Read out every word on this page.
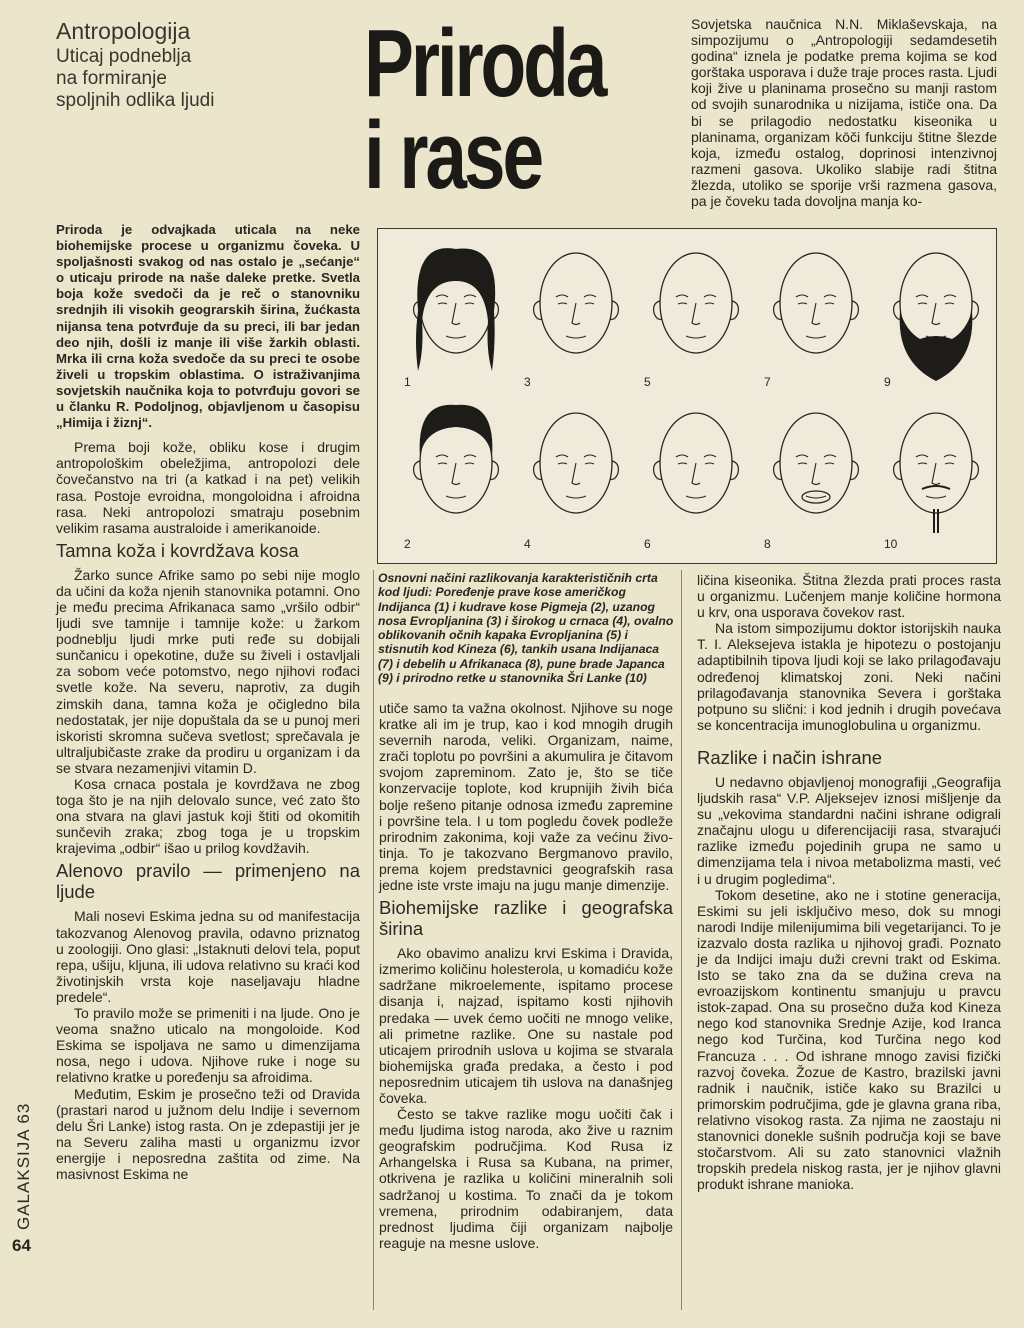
Antropologija
Uticaj podneblja
na formiranje
spoljnih odlika ljudi	Priroda
i rase

Sovjetska naučnica N.N. Miklaševskaja, na simpozijumu o „Antropologiji sedamdesetih godina“ iznela je podatke prema kojima se kod gorštaka usporava i duže traje proces rasta. Ljudi koji žive u planinama prosečno su manji rastom od svojih sunarodnika u nizijama, ističe ona. Da bi se prilagodio nedostatku kiseonika u planinama, organizam kōči funkciju štitne šlezde koja, između ostalog, doprinosi intenzivnoj razmeni gasova. Ukoliko slabije radi štitna žlezda, utoliko se sporije vrši razmena gasova, pa je čoveku tada dovoljna manja ko-

Priroda je odvajkada uticala na neke biohemijske procese u organizmu čoveka. U spoljašnosti svakog od nas ostalo je „sećanje“ o uticaju prirode na naše daleke pretke. Svetla boja kože svedoči da je reč o stanovniku srednjih ili visokih geograrskih širina, žućkasta nijansa tena potvrđuje da su preci, ili bar jedan deo njih, došli iz manje ili više žarkih oblasti. Mrka ili crna koža svedoče da su preci te osobe živeli u tropskim oblastima. O istraživanjima sovjetskih naučnika koja to potvrđuju govori se u članku R. Podoljnog, objavljenom u časopisu „Himija i žiznj“.

Prema boji kože, obliku kose i drugim antropološkim obeležjima, antropolozi dele čovečanstvo na tri (a katkad i na pet) velikih rasa. Postoje evroidna, mongoloidna i afroidna rasa. Neki antropolozi smatraju posebnim velikim rasama australoide i amerikanoide.

Tamna koža i kovrdžava kosa

Žarko sunce Afrike samo po sebi nije moglo da učini da koža njenih stanovnika potamni. Ono je među precima Afrikanaca samo „vršilo odbir“ ljudi sve tamnije i tamnije kože: u žarkom podneblju ljudi mrke puti ređe su dobijali sunčanicu i opekotine, duže su živeli i ostavljali za sobom veće potomstvo, nego njihovi rođaci svetle kože. Na severu, naprotiv, za dugih zimskih dana, tamna koža je očigledno bila nedostatak, jer nije dopuštala da se u punoj meri iskoristi skromna sučeva svetlost; sprečavala je ultraljubičaste zrake da prodiru u organizam i da se stvara nezamenjivi vitamin D.

Kosa crnaca postala je kovrdžava ne zbog toga što je na njih delovalo sunce, već zato što ona stvara na glavi jastuk koji štiti od okomitih sunčevih zraka; zbog toga je u tropskim krajevima „odbir“ išao u prilog kovdžavih.

Alenovo pravilo — primenjeno na ljude

Mali nosevi Eskima jedna su od manifestacija takozvanog Alenovog pravila, odavno priznatog u zoologiji. Ono glasi: „Istaknuti delovi tela, poput repa, ušiju, kljuna, ili udova relativno su kraći kod životinjskih vrsta koje naseljavaju hladne predele“.

To pravilo može se primeniti i na ljude. Ono je veoma snažno uticalo na mongoloide. Kod Eskima se ispoljava ne samo u dimenzijama nosa, nego i udova. Njihove ruke i noge su relativno kratke u poređenju sa afroidima.

Međutim, Eskim je prosečno teži od Dravida (prastari narod u južnom delu Indije i severnom delu Šri Lanke) istog rasta. On je zdepastiji jer je na Severu zaliha masti u organizmu izvor energije i neposredna zaštita od zime. Na masivnost Eskima ne

1	3	5	7	9
2	4	6	8	10
Osnovni načini razlikovanja karakterističnih crta kod ljudi: Poređenje prave kose američkog Indijanca (1) i kudrave kose Pigmeja (2), uzanog nosa Evropljanina (3) i širokog u crnaca (4), ovalno oblikovanih očnih kapaka Evropljanina (5) i stisnutih kod Kineza (6), tankih usana Indijanaca (7) i debelih u Afrikanaca (8), pune brade Japanca (9) i prirodno retke u stanovnika Šri Lanke (10)

utiče samo ta važna okolnost. Njihove su noge kratke ali im je trup, kao i kod mnogih drugih severnih naroda, veliki. Organizam, naime, zrači toplotu po površini a akumulira je čitavom svojom zapreminom. Zato je, što se tiče konzervacije toplote, kod krupnijih živih bića bolje rešeno pitanje odnosa između zapremine i površine tela. I u tom pogledu čovek podleže prirodnim zakonima, koji važe za većinu životinja. To je takozvano Bergmanovo pravilo, prema kojem predstavnici geografskih rasa jedne iste vrste imaju na jugu manje dimenzije.

Biohemijske razlike i geografska širina

Ako obavimo analizu krvi Eskima i Dravida, izmerimo količinu holesterola, u komadiću kože sadržane mikroelemente, ispitamo procese disanja i, najzad, ispitamo kosti njihovih predaka — uvek ćemo uočiti ne mnogo velike, ali primetne razlike. One su nastale pod uticajem prirodnih uslova u kojima se stvarala biohemijska građa predaka, a često i pod neposrednim uticajem tih uslova na današnjeg čoveka.

Često se takve razlike mogu uočiti čak i među ljudima istog naroda, ako žive u raznim geografskim područjima. Kod Rusa iz Arhangelska i Rusa sa Kubana, na primer, otkrivena je razlika u količini mineralnih soli sadržanoj u kostima. To znači da je tokom vremena, prirodnim odabiranjem, data prednost ljudima čiji organizam najbolje reaguje na mesne uslove.

ličina kiseonika. Štitna žlezda prati proces rasta u organizmu. Lučenjem manje količine hormona u krv, ona usporava čovekov rast.

Na istom simpozijumu doktor istorijskih nauka T. I. Aleksejeva istakla je hipotezu o postojanju adaptibilnih tipova ljudi koji se lako prilagođavaju određenoj klimatskoj zoni. Neki načini prilagođavanja stanovnika Severa i gorštaka potpuno su slični: i kod jednih i drugih povećava se koncentracija imunoglobulina u organizmu.

Razlike i način ishrane

U nedavno objavljenoj monografiji „Geografija ljudskih rasa“ V.P. Aljeksejev iznosi mišljenje da su „vekovima standardni načini ishrane odigrali značajnu ulogu u diferencijaciji rasa, stvarajući razlike između pojedinih grupa ne samo u dimenzijama tela i nivoa metabolizma masti, već i u drugim pogledima“.

Tokom desetine, ako ne i stotine generacija, Eskimi su jeli isključivo meso, dok su mnogi narodi Indije milenijumima bili vegetarijanci. To je izazvalo dosta razlika u njihovoj građi. Poznato je da Indijci imaju duži crevni trakt od Eskima. Isto se tako zna da se dužina creva na evroazijskom kontinentu smanjuju u pravcu istok-zapad. Ona su prosečno duža kod Kineza nego kod stanovnika Srednje Azije, kod Iranca nego kod Turčina, kod Turčina nego kod Francuza . . . Od ishrane mnogo zavisi fizički razvoj čoveka. Žozue de Kastro, brazilski javni radnik i naučnik, ističe kako su Brazilci u primorskim područjima, gde je glavna grana riba, relativno visokog rasta. Za njima ne zaostaju ni stanovnici donekle sušnih područja koji se bave stočarstvom. Ali su zato stanovnici vlažnih tropskih predela niskog rasta, jer je njihov glavni produkt ishrane manioka.

GALAKSIJA 63
64
